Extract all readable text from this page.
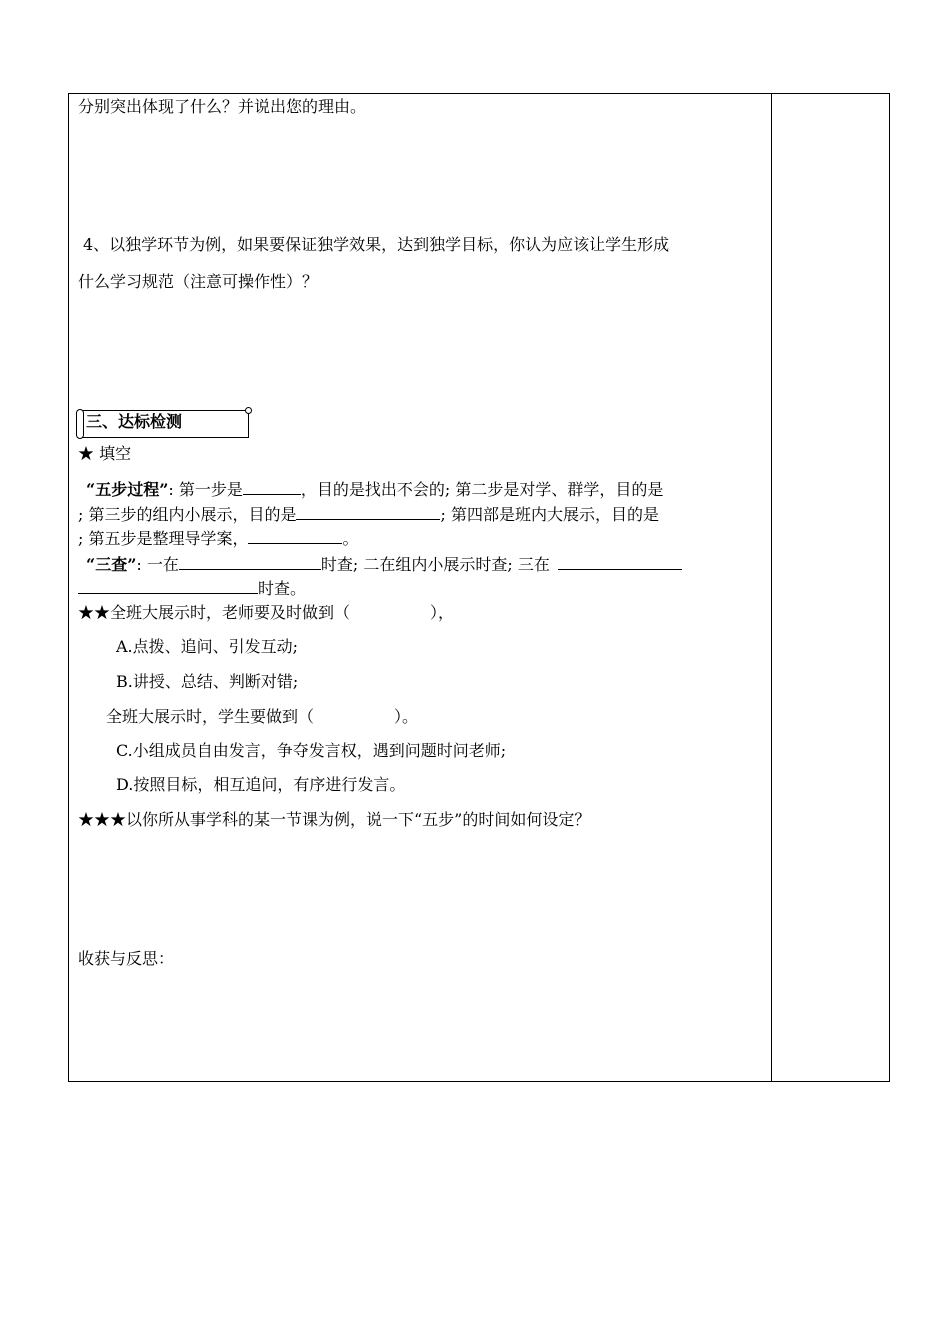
分别突出体现了什么？并说出您的理由。
4、以独学环节为例，如果要保证独学效果，达到独学目标，你认为应该让学生形成
什么学习规范（注意可操作性）？
三、达标检测
★ 填空
“五步过程”: 第一步是	，目的是找出不会的; 第二步是对学、群学，目的是
; 第三步的组内小展示，目的是	; 第四部是班内大展示，目的是
; 第五步是整理导学案，	。
“三查”: 一在	时查; 二在组内小展示时查; 三在
时查。
★★全班大展示时，老师要及时做到（　　　　　），
A.点拨、追问、引发互动;
B.讲授、总结、判断对错;
全班大展示时，学生要做到（　　　　　）。
C.小组成员自由发言，争夺发言权，遇到问题时问老师;
D.按照目标，相互追问，有序进行发言。
★★★以你所从事学科的某一节课为例，说一下“五步”的时间如何设定？
收获与反思：
